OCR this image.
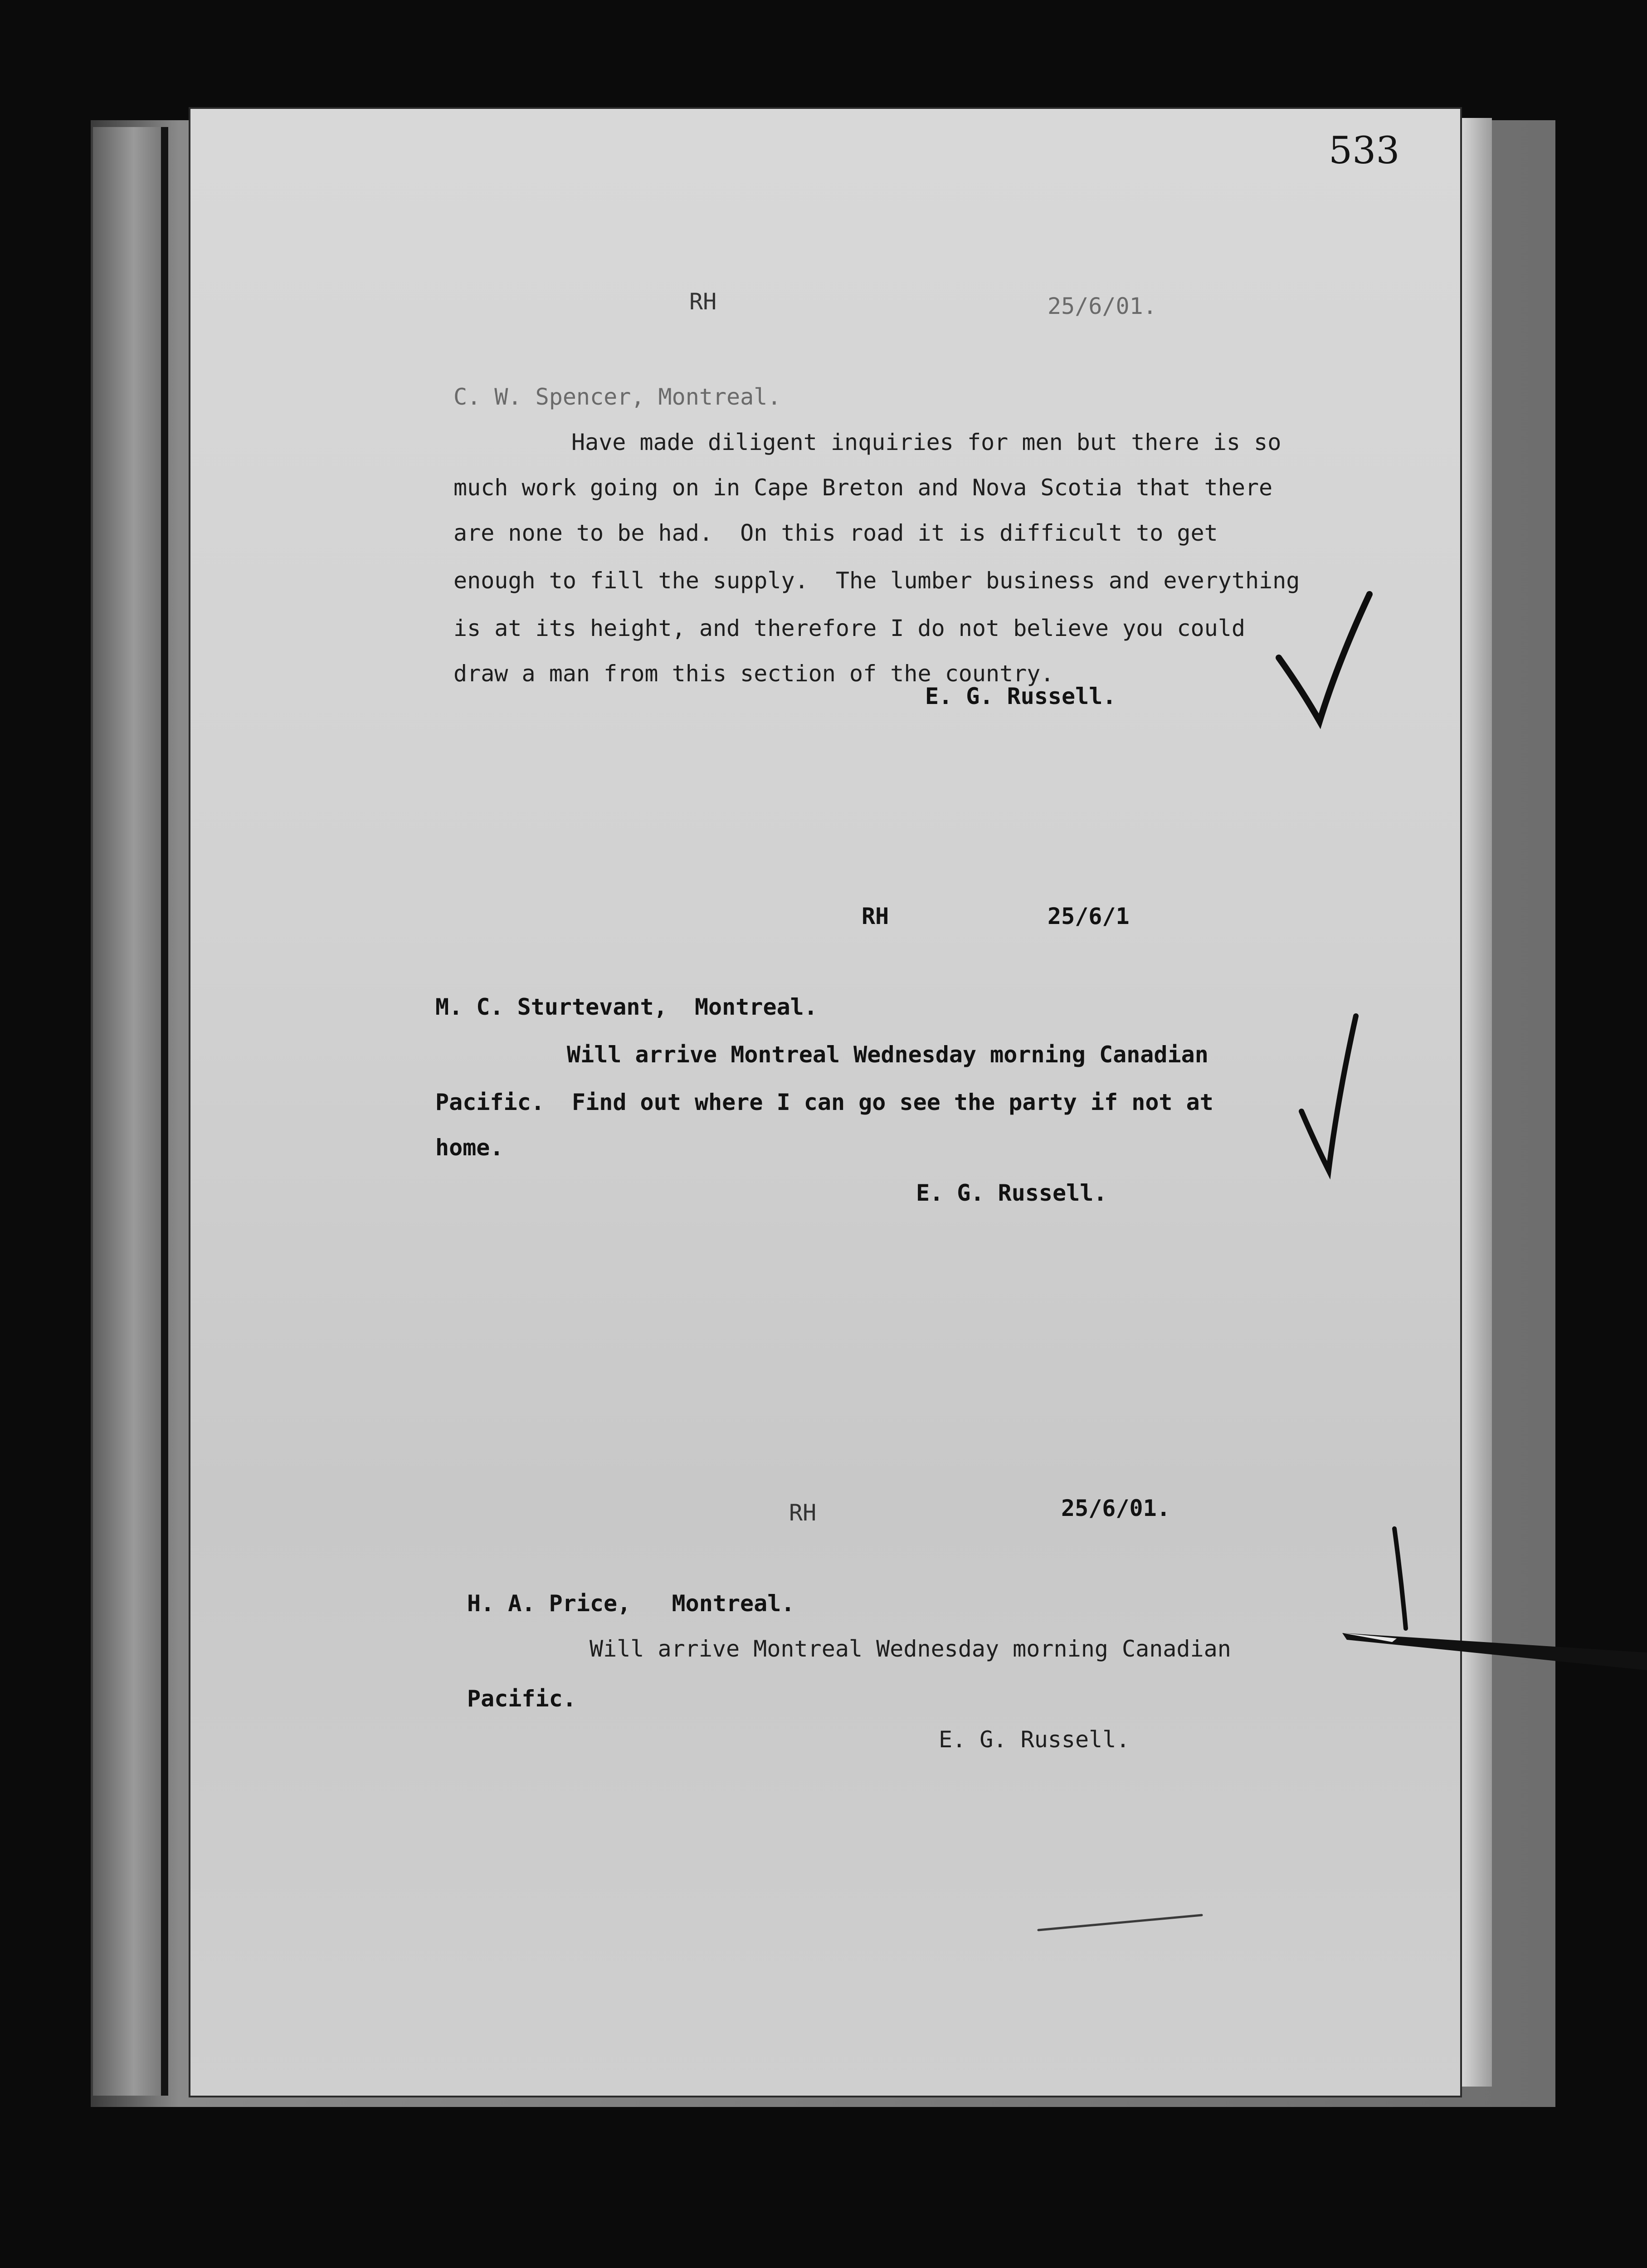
533
RH	25/6/01.
C. W. Spencer, Montreal.
Have made diligent inquiries for men but there is so
much work going on in Cape Breton and Nova Scotia that there
are none to be had.  On this road it is difficult to get
enough to fill the supply.  The lumber business and everything
is at its height, and therefore I do not believe you could
draw a man from this section of the country.
E. G. Russell.
RH	25/6/1
M. C. Sturtevant,  Montreal.
Will arrive Montreal Wednesday morning Canadian
Pacific.  Find out where I can go see the party if not at
home.
E. G. Russell.
RH	25/6/01.
H. A. Price,   Montreal.
Will arrive Montreal Wednesday morning Canadian
Pacific.
E. G. Russell.
